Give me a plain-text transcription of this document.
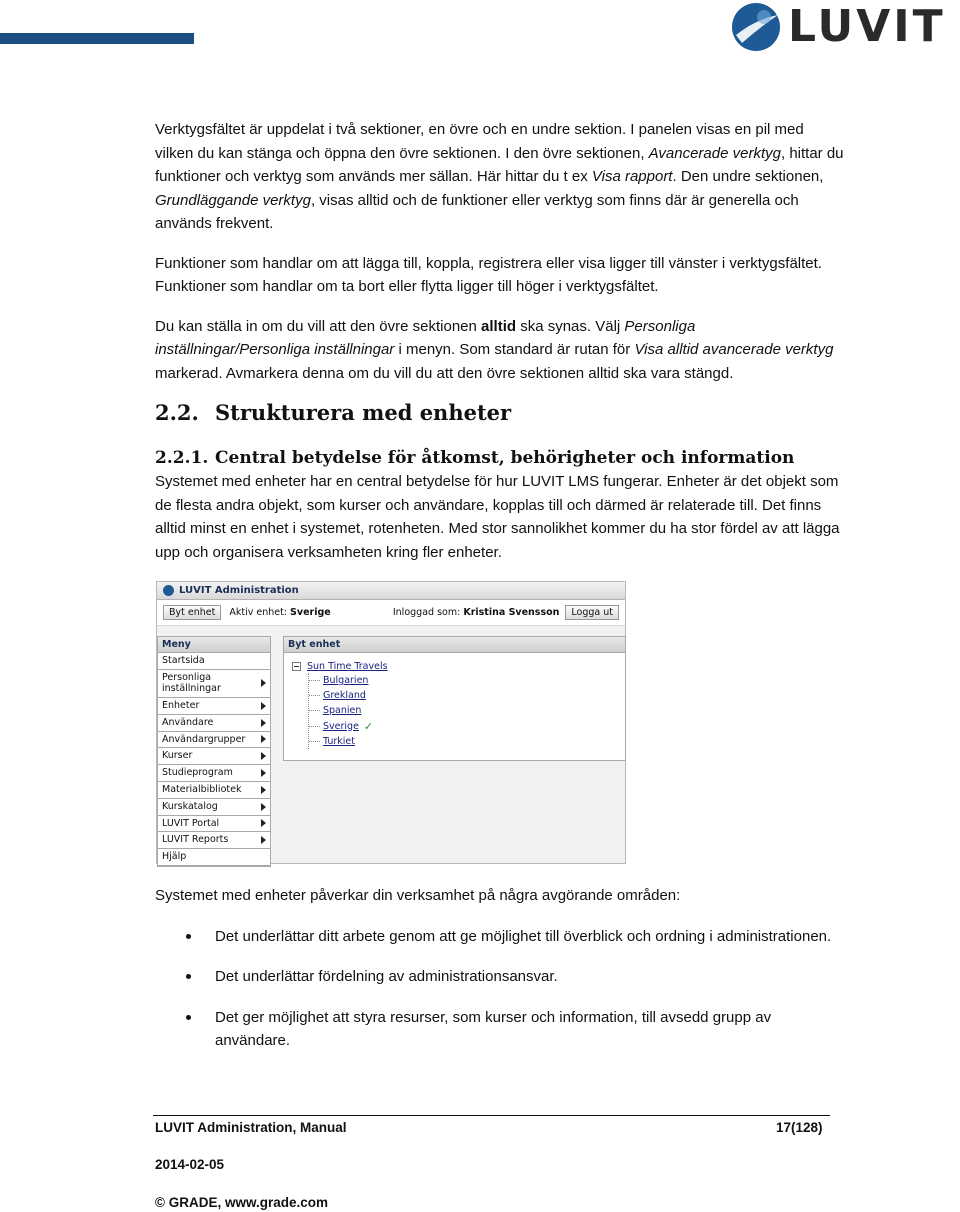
LUVIT

Verktygsfältet är uppdelat i två sektioner, en övre och en undre sektion. I panelen visas en pil med vilken du kan stänga och öppna den övre sektionen. I den övre sektionen, Avancerade verktyg, hittar du funktioner och verktyg som används mer sällan. Här hittar du t ex Visa rapport. Den undre sektionen, Grundläggande verktyg, visas alltid och de funktioner eller verktyg som finns där är generella och används frekvent.

Funktioner som handlar om att lägga till, koppla, registrera eller visa ligger till vänster i verktygsfältet. Funktioner som handlar om ta bort eller flytta ligger till höger i verktygsfältet.

Du kan ställa in om du vill att den övre sektionen alltid ska synas. Välj Personliga inställningar/Personliga inställningar i menyn. Som standard är rutan för Visa alltid avancerade verktyg markerad. Avmarkera denna om du vill du att den övre sektionen alltid ska vara stängd.

2.2. Strukturera med enheter
2.2.1. Central betydelse för åtkomst, behörigheter och information

Systemet med enheter har en central betydelse för hur LUVIT LMS fungerar. Enheter är det objekt som de flesta andra objekt, som kurser och användare, kopplas till och därmed är relaterade till. Det finns alltid minst en enhet i systemet, rotenheten. Med stor sannolikhet kommer du ha stor fördel av att lägga upp och organisera verksamheten kring fler enheter.

LUVIT Administration
Byt enhet	Aktiv enhet: Sverige	Inloggad som: Kristina Svensson	Logga ut
Meny
Startsida
Personliga inställningar
Enheter
Användare
Användargrupper
Kurser
Studieprogram
Materialbibliotek
Kurskatalog
LUVIT Portal
LUVIT Reports
Hjälp
Byt enhet
Sun Time Travels
Bulgarien
Grekland
Spanien
Sverige ✓
Turkiet

Systemet med enheter påverkar din verksamhet på några avgörande områden:

Det underlättar ditt arbete genom att ge möjlighet till överblick och ordning i administrationen.
Det underlättar fördelning av administrationsansvar.
Det ger möjlighet att styra resurser, som kurser och information, till avsedd grupp av användare.
LUVIT Administration, Manual	17(128)
2014-02-05
© GRADE, www.grade.com
